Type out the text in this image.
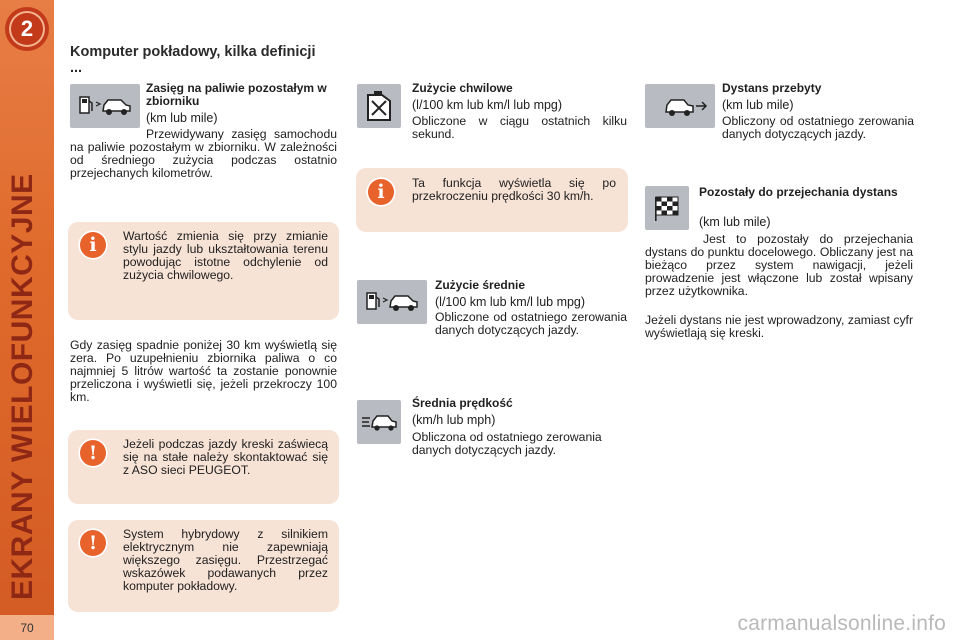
2
EKRANY WIELOFUNKCYJNE
70
Komputer pokładowy, kilka definicji ...
Zasięg na paliwie pozostałym w zbiorniku
(km lub mile)
Przewidywany zasięg samochodu na paliwie pozostałym w zbiorniku. W zależności od średniego zużycia podczas ostatnio przejechanych kilometrów.
i	Wartość zmienia się przy zmianie stylu jazdy lub ukształtowania terenu powodując istotne odchylenie od zużycia chwilowego.
Gdy zasięg spadnie poniżej 30 km wyświetlą się zera. Po uzupełnieniu zbiornika paliwa o co najmniej 5 litrów wartość ta zostanie ponownie przeliczona i wyświetli się, jeżeli przekroczy 100 km.
!	Jeżeli podczas jazdy kreski zaświecą się na stałe należy skontaktować się z ASO sieci PEUGEOT.
!	System hybrydowy z silnikiem elektrycznym nie zapewniają większego zasięgu. Przestrzegać wskazówek podawanych przez komputer pokładowy.
Zużycie chwilowe
(l/100 km lub km/l lub mpg)
Obliczone w ciągu ostatnich kilku sekund.
i	Ta funkcja wyświetla się po przekroczeniu prędkości 30 km/h.
Zużycie średnie
(l/100 km lub km/l lub mpg)
Obliczone od ostatniego zerowania danych dotyczących jazdy.
Średnia prędkość
(km/h lub mph)
Obliczona od ostatniego zerowania danych dotyczących jazdy.
Dystans przebyty
(km lub mile)
Obliczony od ostatniego zerowania danych dotyczących jazdy.
Pozostały do przejechania dystans
(km lub mile)
Jest to pozostały do przejechania dystans do punktu docelowego. Obliczany jest na bieżąco przez system nawigacji, jeżeli prowadzenie jest włączone lub został wpisany przez użytkownika.
Jeżeli dystans nie jest wprowadzony, zamiast cyfr wyświetlają się kreski.
carmanualsonline.info
